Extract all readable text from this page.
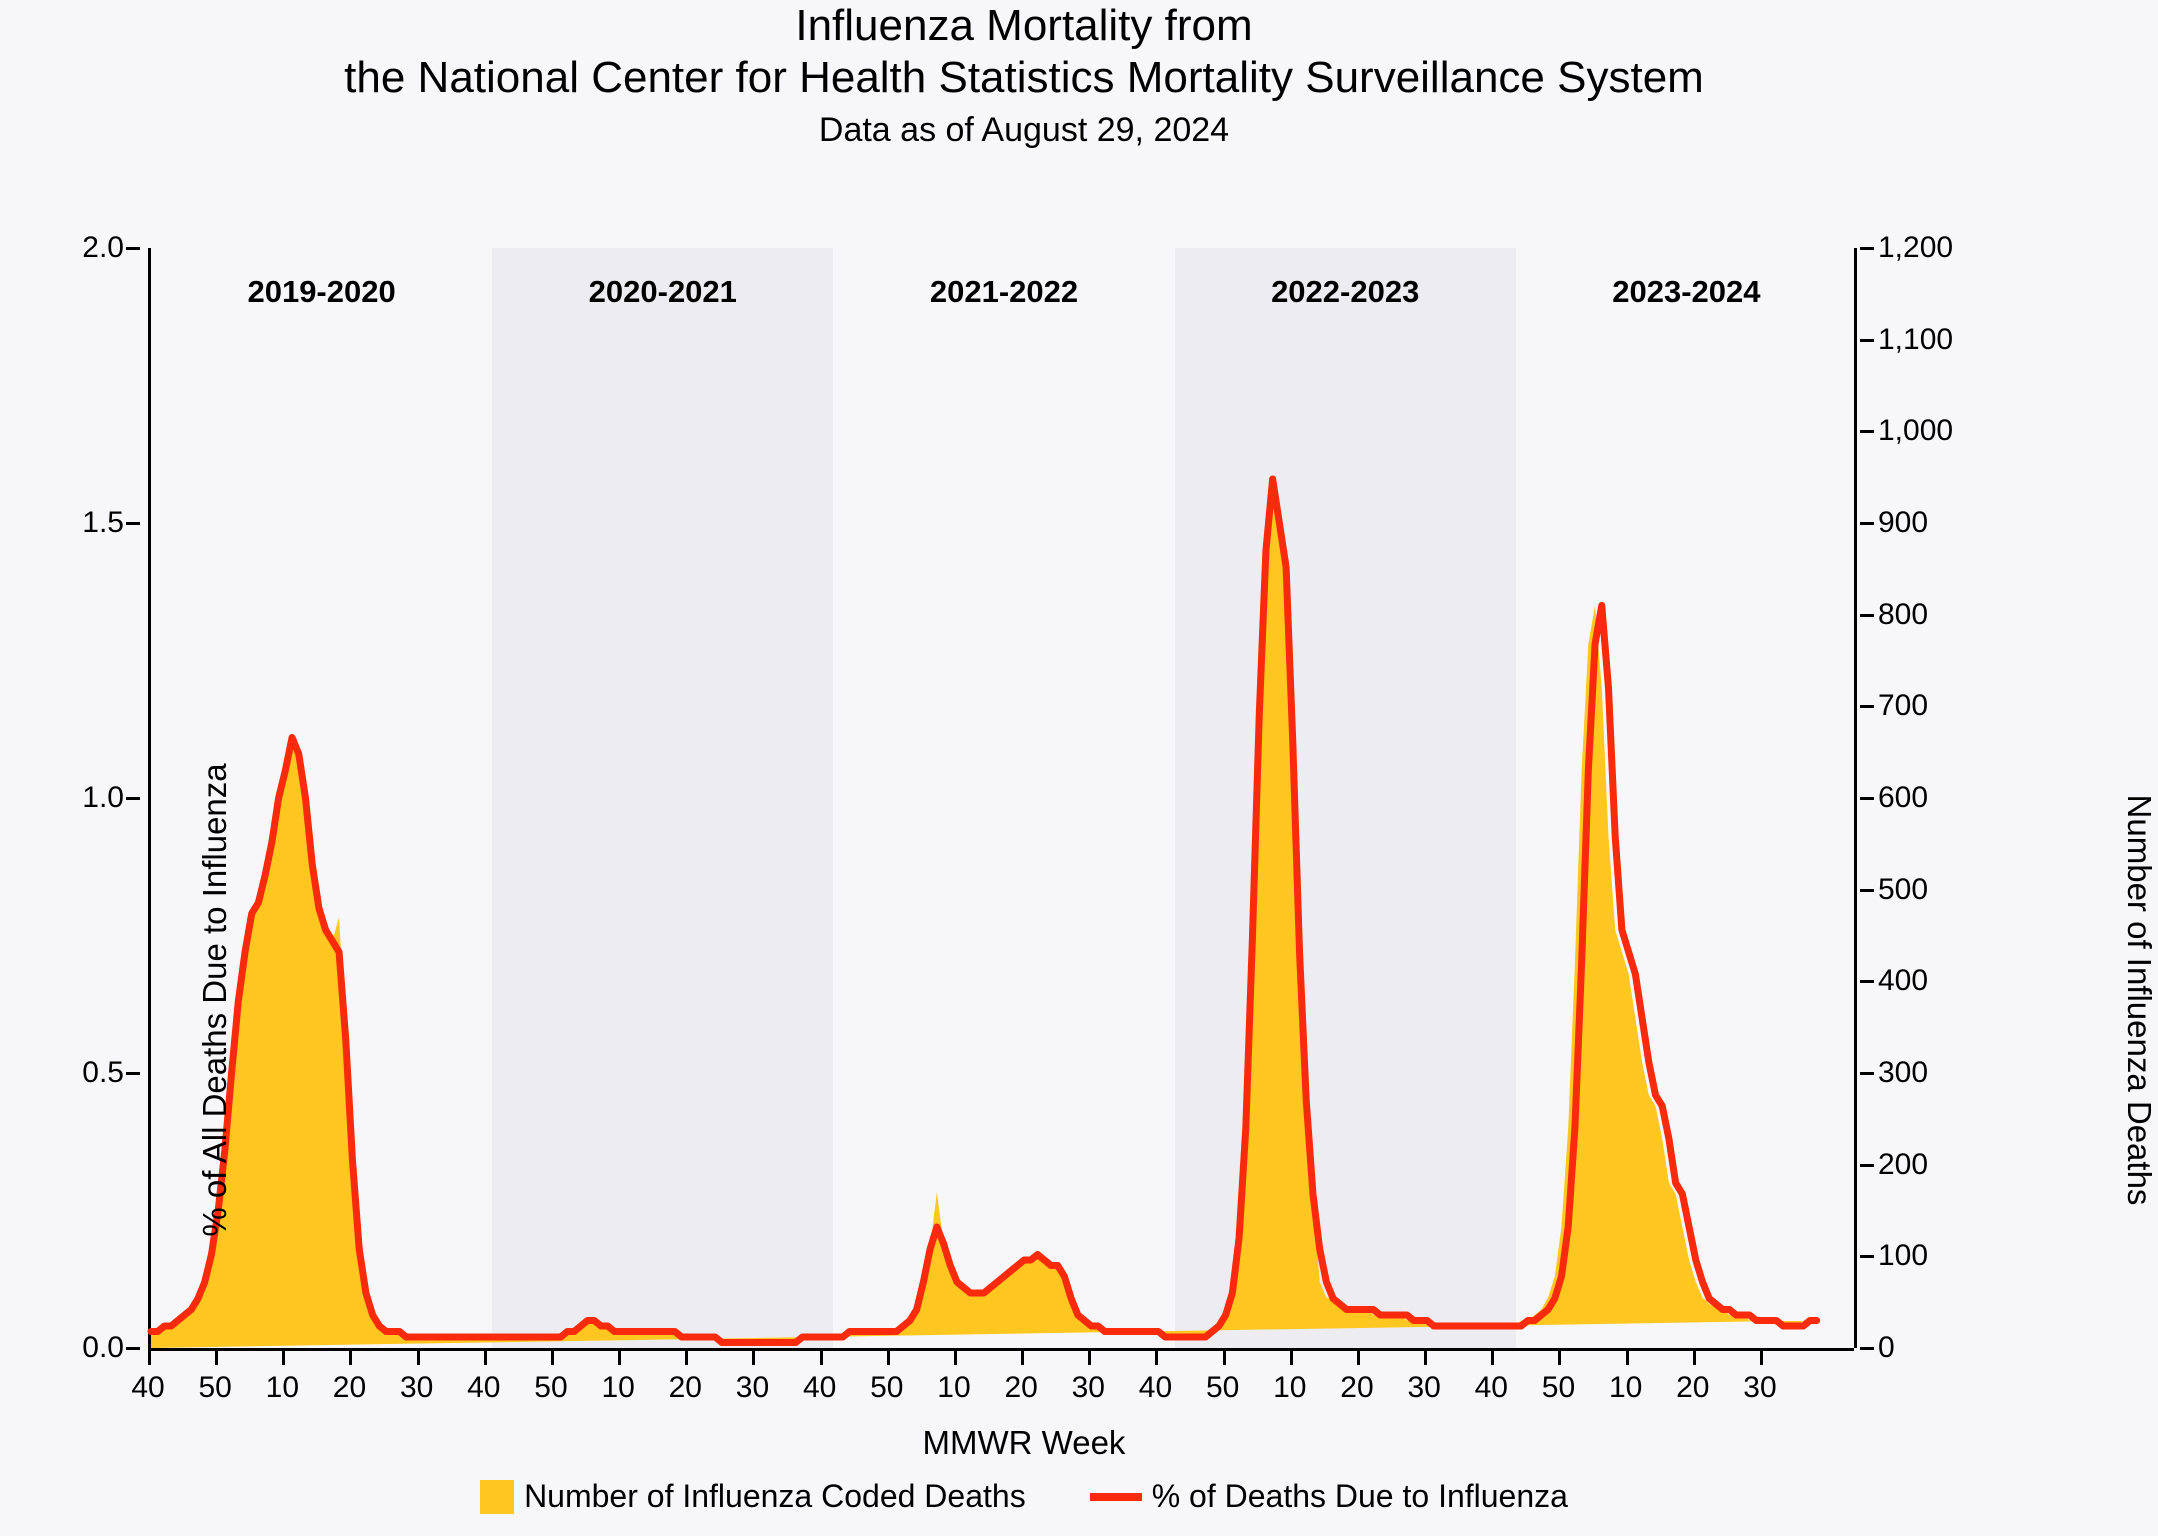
Influenza Mortality from
the National Center for Health Statistics Mortality Surveillance System
Data as of August 29, 2024
2019-2020	2020-2021	2021-2022	2022-2023	2023-2024
0.0
0.5
1.0
1.5
2.0
0
100
200
300
400
500
600
700
800
900
1,000
1,100
1,200
% of All Deaths Due to Influenza	Number of Influenza Deaths
40 50 10 20 30 40 50 10 20 30 40 50 10 20 30 40 50 10 20 30 40 50 10 20 30
MMWR Week
Number of Influenza Coded Deaths	% of Deaths Due to Influenza
